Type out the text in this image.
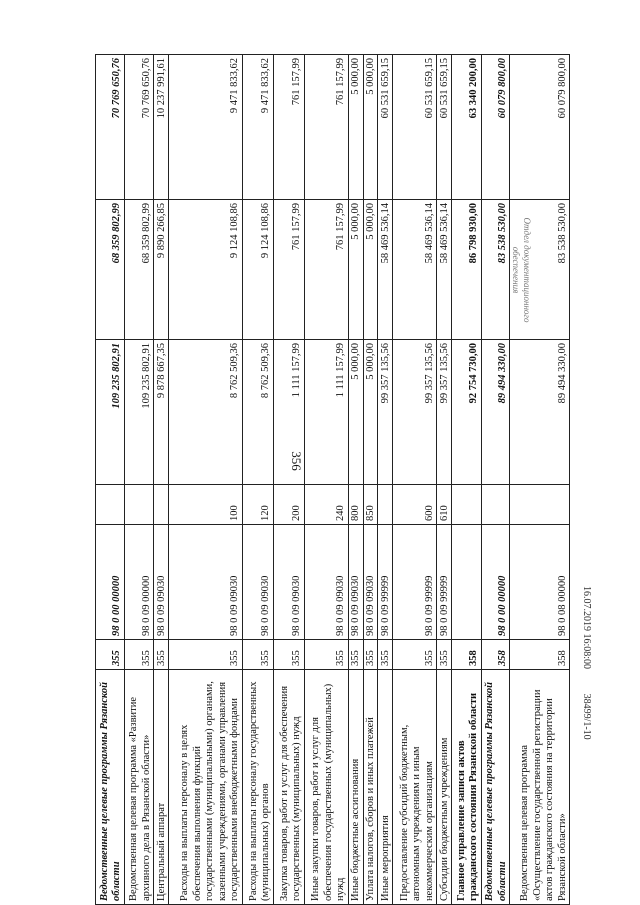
356
Отдел документационного
обеспечения
16.07.2019 16:08:00 38499/1-10
Ведомственные целевые программы Рязанской области	355	98 0 00 00000		109 235 802,91	68 359 802,99	70 769 650,76
Ведомственная целевая программа «Развитие архивного дела в Рязанской области»	355	98 0 09 00000		109 235 802,91	68 359 802,99	70 769 650,76
Центральный аппарат	355	98 0 09 09030		9 878 667,35	9 890 266,85	10 237 991,61
Расходы на выплаты персоналу в целях обеспечения выполнения функций государственными (муниципальными) органами, казенными учреждениями, органами управления государственными внебюджетными фондами	355	98 0 09 09030	100	8 762 509,36	9 124 108,86	9 471 833,62
Расходы на выплаты персоналу государственных (муниципальных) органов	355	98 0 09 09030	120	8 762 509,36	9 124 108,86	9 471 833,62
Закупка товаров, работ и услуг для обеспечения государственных (муниципальных) нужд	355	98 0 09 09030	200	1 111 157,99	761 157,99	761 157,99
Иные закупки товаров, работ и услуг для обеспечения государственных (муниципальных) нужд	355	98 0 09 09030	240	1 111 157,99	761 157,99	761 157,99
Иные бюджетные ассигнования	355	98 0 09 09030	800	5 000,00	5 000,00	5 000,00
Уплата налогов, сборов и иных платежей	355	98 0 09 09030	850	5 000,00	5 000,00	5 000,00
Иные мероприятия	355	98 0 09 99999		99 357 135,56	58 469 536,14	60 531 659,15
Предоставление субсидий бюджетным, автономным учреждениям и иным некоммерческим организациям	355	98 0 09 99999	600	99 357 135,56	58 469 536,14	60 531 659,15
Субсидии бюджетным учреждениям	355	98 0 09 99999	610	99 357 135,56	58 469 536,14	60 531 659,15
Главное управление записи актов гражданского состояния Рязанской области	358			92 754 730,00	86 798 930,00	63 340 200,00
Ведомственные целевые программы Рязанской области	358	98 0 00 00000		89 494 330,00	83 538 530,00	60 079 800,00
Ведомственная целевая программа «Осуществление государственной регистрации актов гражданского состояния на территории Рязанской области»	358	98 0 08 00000		89 494 330,00	83 538 530,00	60 079 800,00
